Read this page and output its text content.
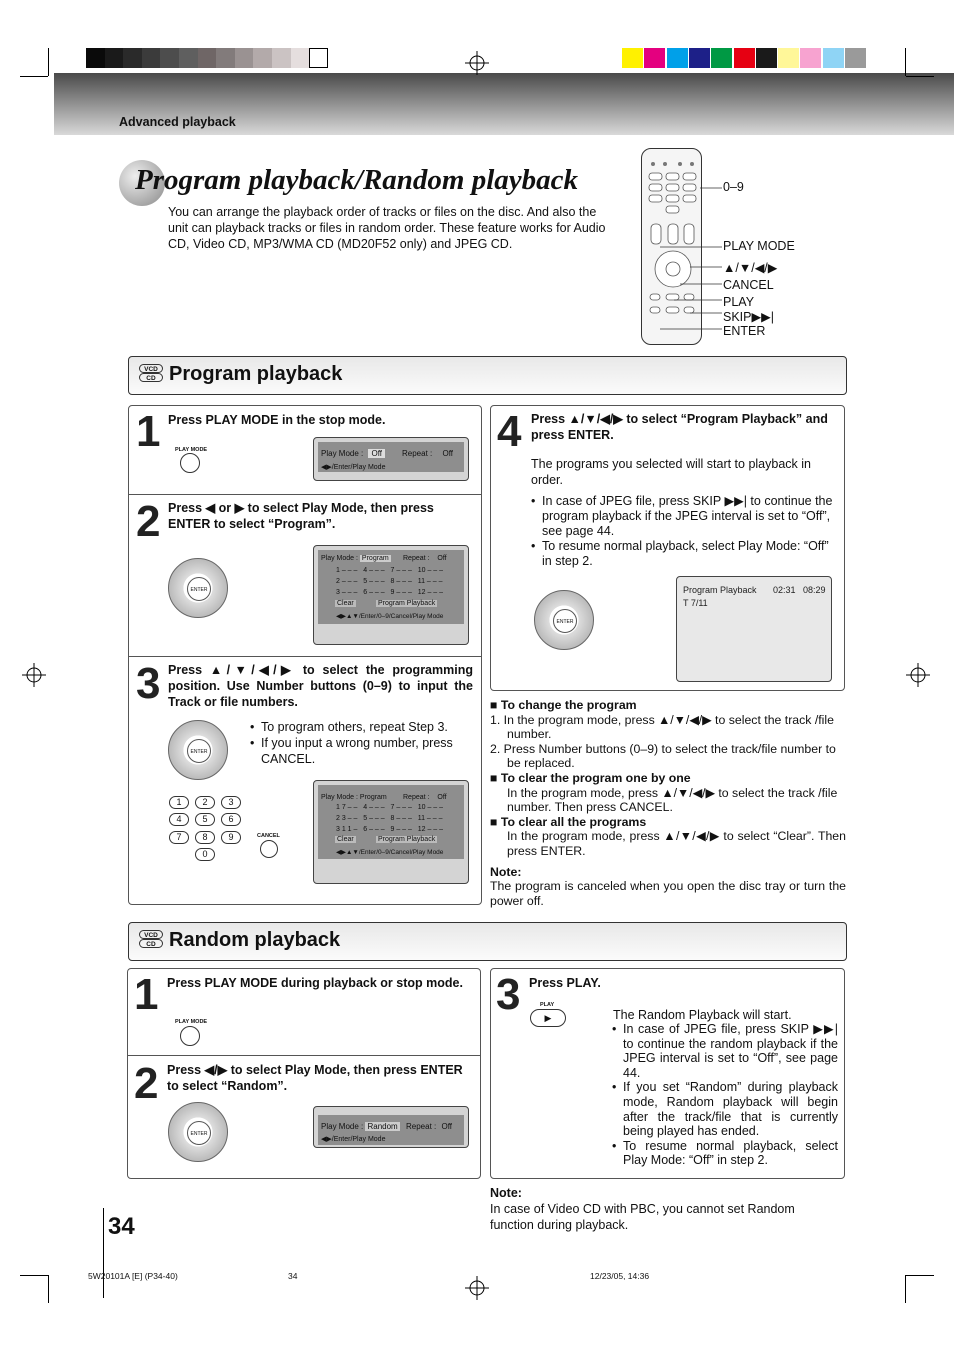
Advanced playback
Program playback/Random playback
You can arrange the playback order of tracks or files on the disc. And also the unit can playback tracks or files in random order. These feature works for Audio CD, Video CD, MP3/WMA CD (MD20F52 only) and JPEG CD.
0–9
PLAY MODE
▲/▼/◀/▶
CANCEL
PLAY
SKIP▶▶|
ENTER
VCD
CD Program playback
1 Press PLAY MODE in the stop mode.
PLAY MODE	Play Mode : Off	Repeat : Off
◀▶/Enter/Play Mode
2 Press ◀ or ▶ to select Play Mode, then press ENTER to select “Program”.
ENTER
Play Mode : Program Repeat : Off
1 – – –   4 – – –   7 – – –   10 – – –
2 – – –   5 – – –   8 – – –   11 – – –
3 – – –   6 – – –   9 – – –   12 – – –
Clear	Program Playback
◀▶▲▼/Enter/0–9/Cancel/Play Mode
3 Press ▲/▼/◀/▶ to select the programming position. Use Number buttons (0–9) to input the Track or file numbers.
• To program others, repeat Step 3.
• If you input a wrong number, press CANCEL.
ENTER
1	2	3
4	5	6
7	8	9
0
CANCEL
Play Mode : Program Repeat : Off
1 7 – –   4 – – –   7 – – –   10 – – –
2 3 – –   5 – – –   8 – – –   11 – – –
3 1 1 –   6 – – –   9 – – –   12 – – –
Clear	Program Playback
◀▶▲▼/Enter/0–9/Cancel/Play Mode
4 Press ▲/▼/◀/▶ to select “Program Playback” and press ENTER.
The programs you selected will start to playback in order.
• In case of JPEG file, press SKIP ▶▶| to continue the program playback if the JPEG interval is set to “Off”, see page 44.
• To resume normal playback, select Play Mode: “Off” in step 2.
ENTER
Program Playback 02:31   08:29
T 7/11
■ To change the program
1. In the program mode, press ▲/▼/◀/▶ to select the track /file number.
2. Press Number buttons (0–9) to select the track/file number to be replaced.
■ To clear the program one by one
In the program mode, press ▲/▼/◀/▶ to select the track /file number. Then press CANCEL.
■ To clear all the programs
In the program mode, press ▲/▼/◀/▶ to select “Clear”. Then press ENTER.
Note:
The program is canceled when you open the disc tray or turn the power off.
VCD
CD Random playback
1 Press PLAY MODE during playback or stop mode.
PLAY MODE
2 Press ◀/▶ to select Play Mode, then press ENTER to select “Random”.
ENTER
Play Mode : Random Repeat : Off
◀▶/Enter/Play Mode
3 Press PLAY.
PLAY
▶	The Random Playback will start.
• In case of JPEG file, press SKIP ▶▶| to continue the random playback if the JPEG interval is set to “Off”, see page 44.
• If you set “Random” during playback mode, Random playback will begin after the track/file that is currently being played has ended.
• To resume normal playback, select Play Mode: “Off” in step 2.
Note:
In case of Video CD with PBC, you cannot set Random function during playback.
34
5W20101A [E] (P34-40)	34	12/23/05, 14:36
